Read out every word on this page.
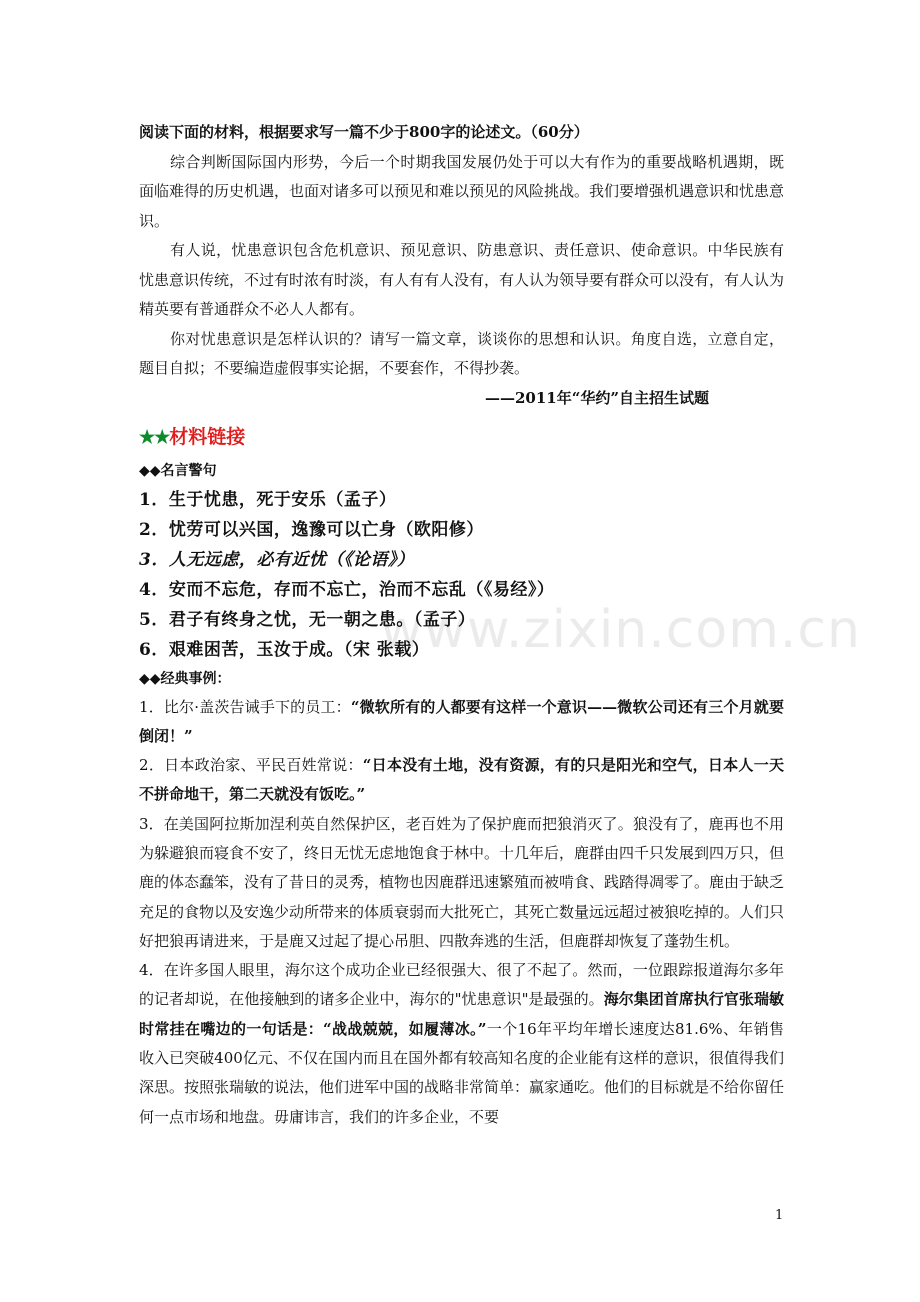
www.zixin.com.cn
阅读下面的材料，根据要求写一篇不少于800字的论述文。（60分）

综合判断国际国内形势，今后一个时期我国发展仍处于可以大有作为的重要战略机遇期，既面临难得的历史机遇，也面对诸多可以预见和难以预见的风险挑战。我们要增强机遇意识和忧患意识。

有人说，忧患意识包含危机意识、预见意识、防患意识、责任意识、使命意识。中华民族有忧患意识传统，不过有时浓有时淡，有人有有人没有，有人认为领导要有群众可以没有，有人认为精英要有普通群众不必人人都有。

你对忧患意识是怎样认识的？请写一篇文章，谈谈你的思想和认识。角度自选，立意自定，题目自拟；不要编造虚假事实论据，不要套作，不得抄袭。

——2011年“华约”自主招生试题
★★材料链接
◆◆名言警句
1．生于忧患，死于安乐（孟子）
2．忧劳可以兴国，逸豫可以亡身（欧阳修）
3．人无远虑，必有近忧（《论语》）
4．安而不忘危，存而不忘亡，治而不忘乱（《易经》）
5．君子有终身之忧，无一朝之患。（孟子）
6．艰难困苦，玉汝于成。（宋 张载）
◆◆经典事例：

1．比尔·盖茨告诫手下的员工：“微软所有的人都要有这样一个意识——微软公司还有三个月就要倒闭！”

2．日本政治家、平民百姓常说：“日本没有土地，没有资源，有的只是阳光和空气，日本人一天不拼命地干，第二天就没有饭吃。”

3．在美国阿拉斯加涅利英自然保护区，老百姓为了保护鹿而把狼消灭了。狼没有了，鹿再也不用为躲避狼而寝食不安了，终日无忧无虑地饱食于林中。十几年后，鹿群由四千只发展到四万只，但鹿的体态蠢笨，没有了昔日的灵秀，植物也因鹿群迅速繁殖而被啃食、践踏得凋零了。鹿由于缺乏充足的食物以及安逸少动所带来的体质衰弱而大批死亡，其死亡数量远远超过被狼吃掉的。人们只好把狼再请进来，于是鹿又过起了提心吊胆、四散奔逃的生活，但鹿群却恢复了蓬勃生机。

4．在许多国人眼里，海尔这个成功企业已经很强大、很了不起了。然而，一位跟踪报道海尔多年的记者却说，在他接触到的诸多企业中，海尔的"忧患意识"是最强的。海尔集团首席执行官张瑞敏时常挂在嘴边的一句话是：“战战兢兢，如履薄冰。”一个16年平均年增长速度达81.6%、年销售收入已突破400亿元、不仅在国内而且在国外都有较高知名度的企业能有这样的意识，很值得我们深思。按照张瑞敏的说法，他们进军中国的战略非常简单：赢家通吃。他们的目标就是不给你留任何一点市场和地盘。毋庸讳言，我们的许多企业，不要

1
